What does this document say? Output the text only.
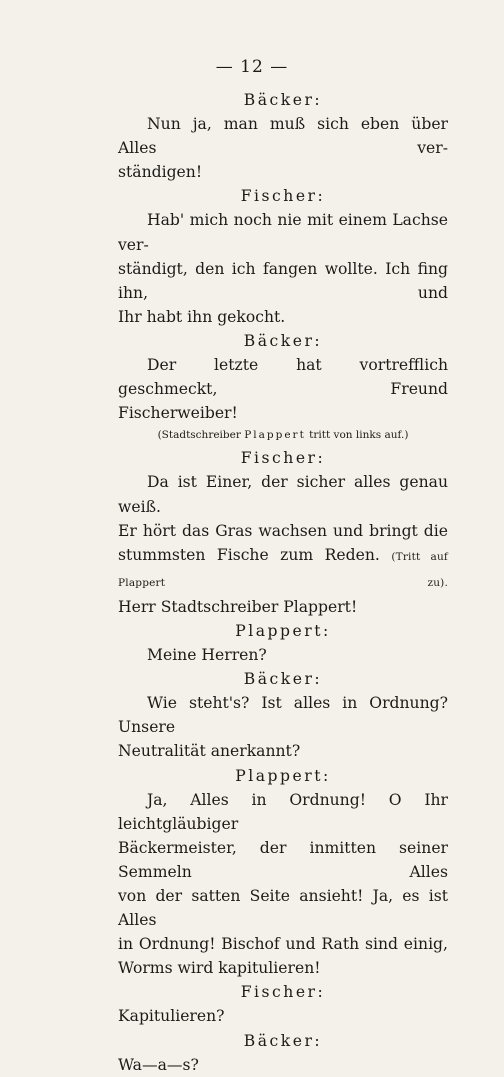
— 12 —
Bäcker:
Nun ja, man muß sich eben über Alles ver-
ständigen!
Fischer:
Hab' mich noch nie mit einem Lachse ver-
ständigt, den ich fangen wollte. Ich fing ihn, und
Ihr habt ihn gekocht.
Bäcker:
Der letzte hat vortrefflich geschmeckt, Freund
Fischerweiber!
(Stadtschreiber Plappert tritt von links auf.)
Fischer:
Da ist Einer, der sicher alles genau weiß.
Er hört das Gras wachsen und bringt die
stummsten Fische zum Reden. (Tritt auf Plappert zu).
Herr Stadtschreiber Plappert!
Plappert:
Meine Herren?
Bäcker:
Wie steht's? Ist alles in Ordnung? Unsere
Neutralität anerkannt?
Plappert:
Ja, Alles in Ordnung! O Ihr leichtgläubiger
Bäckermeister, der inmitten seiner Semmeln Alles
von der satten Seite ansieht! Ja, es ist Alles
in Ordnung! Bischof und Rath sind einig,
Worms wird kapitulieren!
Fischer:
Kapitulieren?
Bäcker:
Wa—a—s?
